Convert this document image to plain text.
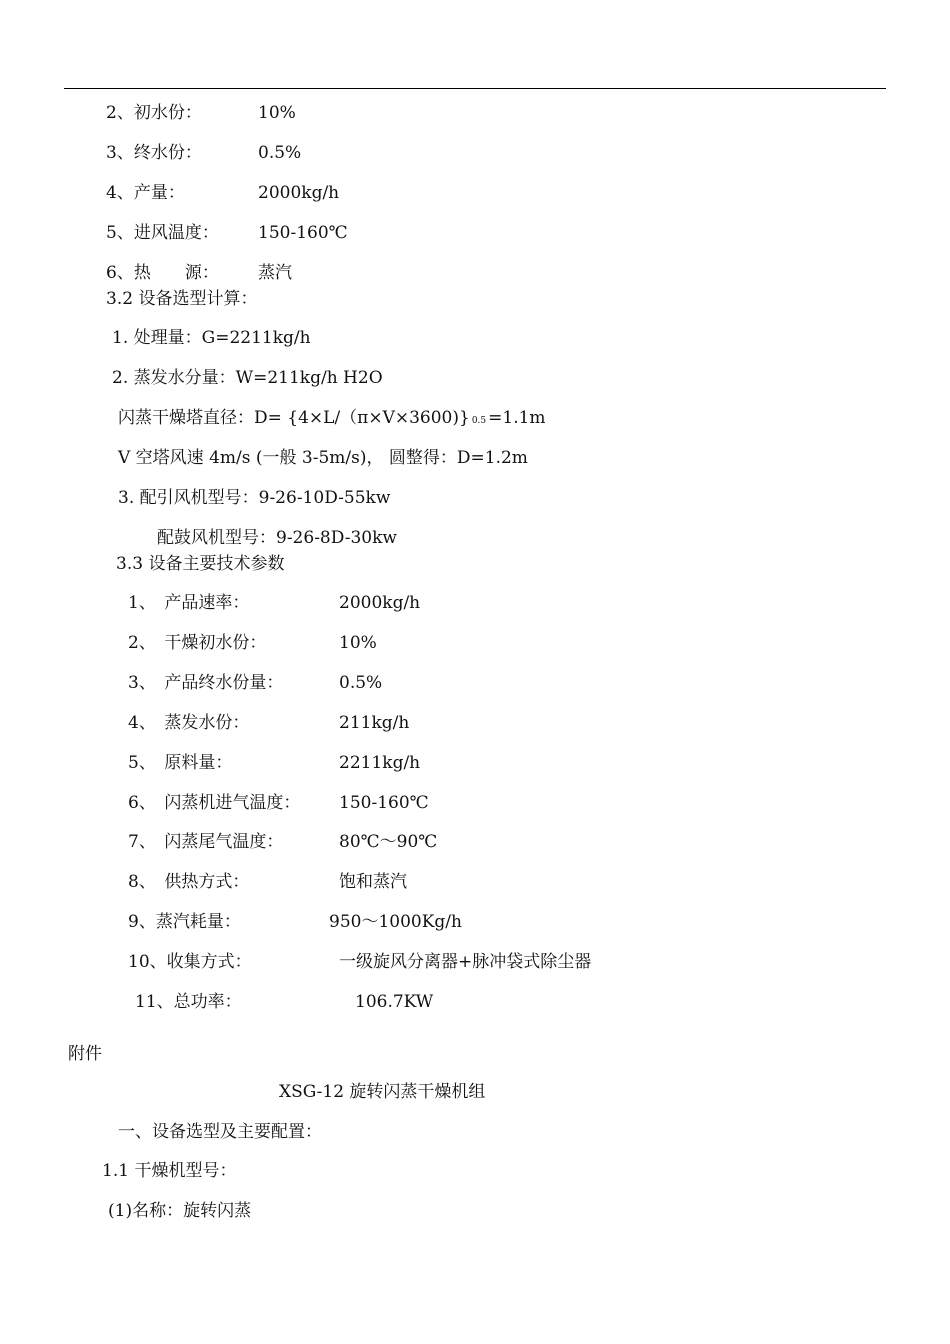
2、初水份：	10%
3、终水份：	0.5%
4、产量：	2000kg/h
5、进风温度： 150-160℃
6、热　　源： 蒸汽
3.2 设备选型计算：
1. 处理量：G=2211kg/h
2. 蒸发水分量：W=211kg/h H2O
闪蒸干燥塔直径：D= {4×L/（π×V×3600)} 0.5 =1.1m
V 空塔风速 4m/s (一般 3-5m/s)， 圆整得：D=1.2m
3. 配引风机型号：9-26-10D-55kw
配鼓风机型号：9-26-8D-30kw
3.3 设备主要技术参数
1、　产品速率：	2000kg/h
2、　干燥初水份：	10%
3、　产品终水份量：	0.5%
4、　蒸发水份：	211kg/h
5、　原料量：	2211kg/h
6、　闪蒸机进气温度： 150-160℃
7、　闪蒸尾气温度：	80℃～90℃
8、　供热方式：	饱和蒸汽
9、蒸汽耗量：	950～1000Kg/h
10、收集方式：	一级旋风分离器+脉冲袋式除尘器
11、总功率：	106.7KW
附件
XSG-12 旋转闪蒸干燥机组
一、设备选型及主要配置：
1.1 干燥机型号：
(1)名称：旋转闪蒸
